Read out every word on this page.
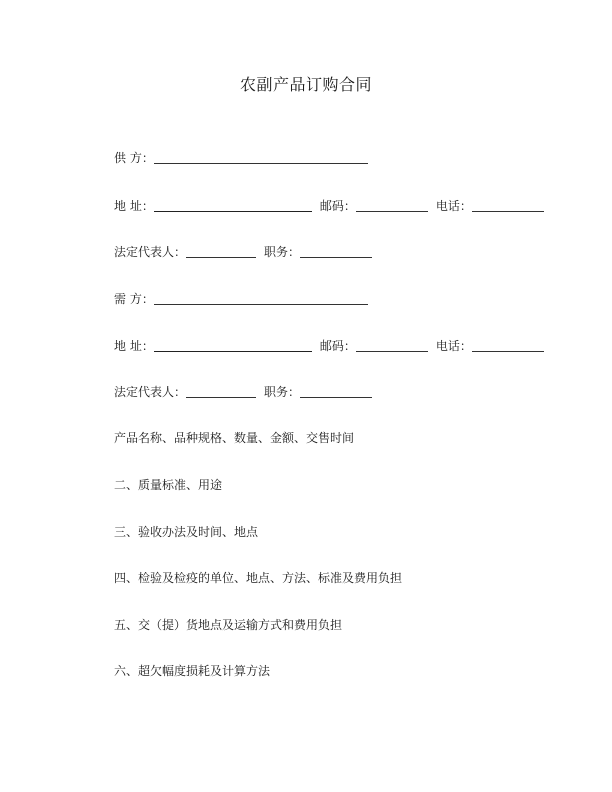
农副产品订购合同
供 方：
地 址：	邮码：	电话：
法定代表人：	职务：
需 方：
地 址：	邮码：	电话：
法定代表人：	职务：
产品名称、品种规格、数量、金额、交售时间
二、质量标准、用途
三、验收办法及时间、地点
四、检验及检疫的单位、地点、方法、标准及费用负担
五、交（提）货地点及运输方式和费用负担
六、超欠幅度损耗及计算方法
